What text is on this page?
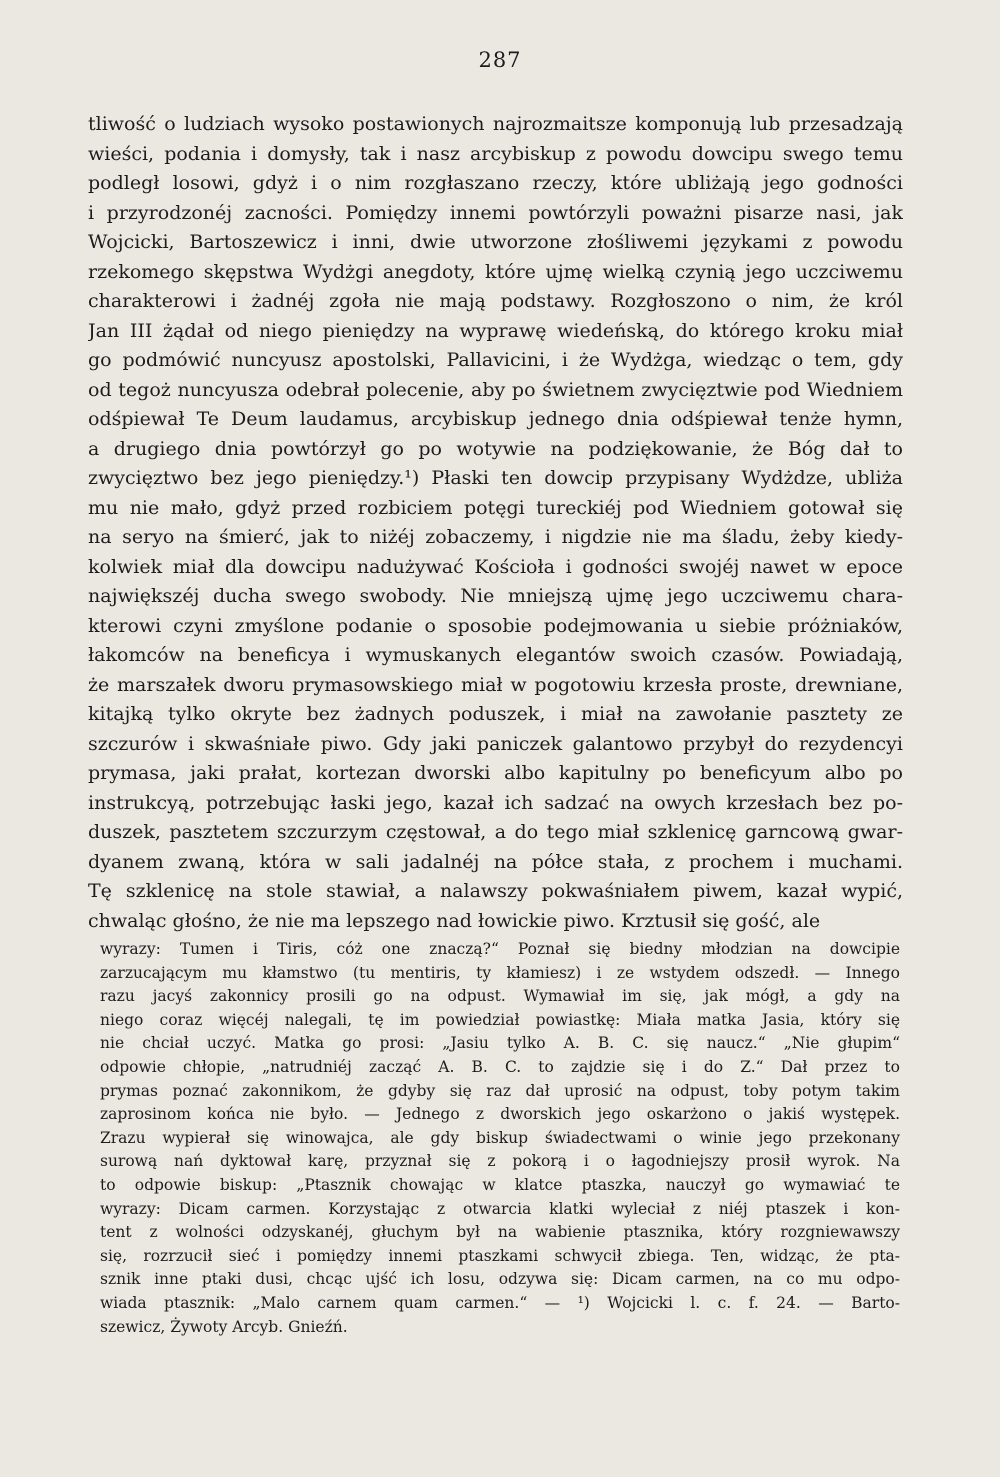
287
tliwość o ludziach wysoko postawionych najrozmaitsze komponują lub przesadzają
wieści, podania i domysły, tak i nasz arcybiskup z powodu dowcipu swego temu
podległ losowi, gdyż i o nim rozgłaszano rzeczy, które ubliżają jego godności
i przyrodzonéj zacności. Pomiędzy innemi powtórzyli poważni pisarze nasi, jak
Wojcicki, Bartoszewicz i inni, dwie utworzone złośliwemi językami z powodu
rzekomego skępstwa Wydżgi anegdoty, które ujmę wielką czynią jego uczciwemu
charakterowi i żadnéj zgoła nie mają podstawy. Rozgłoszono o nim, że król
Jan III żądał od niego pieniędzy na wyprawę wiedeńską, do którego kroku miał
go podmówić nuncyusz apostolski, Pallavicini, i że Wydżga, wiedząc o tem, gdy
od tegoż nuncyusza odebrał polecenie, aby po świetnem zwycięztwie pod Wiedniem
odśpiewał Te Deum laudamus, arcybiskup jednego dnia odśpiewał tenże hymn,
a drugiego dnia powtórzył go po wotywie na podziękowanie, że Bóg dał to
zwycięztwo bez jego pieniędzy.¹) Płaski ten dowcip przypisany Wydżdze, ubliża
mu nie mało, gdyż przed rozbiciem potęgi tureckiéj pod Wiedniem gotował się
na seryo na śmierć, jak to niżéj zobaczemy, i nigdzie nie ma śladu, żeby kiedy-
kolwiek miał dla dowcipu nadużywać Kościoła i godności swojéj nawet w epoce
największéj ducha swego swobody. Nie mniejszą ujmę jego uczciwemu chara-
kterowi czyni zmyślone podanie o sposobie podejmowania u siebie próżniaków,
łakomców na beneficya i wymuskanych elegantów swoich czasów. Powiadają,
że marszałek dworu prymasowskiego miał w pogotowiu krzesła proste, drewniane,
kitajką tylko okryte bez żadnych poduszek, i miał na zawołanie pasztety ze
szczurów i skwaśniałe piwo. Gdy jaki paniczek galantowo przybył do rezydencyi
prymasa, jaki prałat, kortezan dworski albo kapitulny po beneficyum albo po
instrukcyą, potrzebując łaski jego, kazał ich sadzać na owych krzesłach bez po-
duszek, pasztetem szczurzym częstował, a do tego miał szklenicę garncową gwar-
dyanem zwaną, która w sali jadalnéj na półce stała, z prochem i muchami.
Tę szklenicę na stole stawiał, a nalawszy pokwaśniałem piwem, kazał wypić,
chwaląc głośno, że nie ma lepszego nad łowickie piwo. Krztusił się gość, ale
wyrazy: Tumen i Tiris, cóż one znaczą?“ Poznał się biedny młodzian na dowcipie
zarzucającym mu kłamstwo (tu mentiris, ty kłamiesz) i ze wstydem odszedł. — Innego
razu jacyś zakonnicy prosili go na odpust. Wymawiał im się, jak mógł, a gdy na
niego coraz więcéj nalegali, tę im powiedział powiastkę: Miała matka Jasia, który się
nie chciał uczyć. Matka go prosi: „Jasiu tylko A. B. C. się naucz.“ „Nie głupim“
odpowie chłopie, „natrudniéj zacząć A. B. C. to zajdzie się i do Z.“ Dał przez to
prymas poznać zakonnikom, że gdyby się raz dał uprosić na odpust, toby potym takim
zaprosinom końca nie było. — Jednego z dworskich jego oskarżono o jakiś występek.
Zrazu wypierał się winowajca, ale gdy biskup świadectwami o winie jego przekonany
surową nań dyktował karę, przyznał się z pokorą i o łagodniejszy prosił wyrok. Na
to odpowie biskup: „Ptasznik chowając w klatce ptaszka, nauczył go wymawiać te
wyrazy: Dicam carmen. Korzystając z otwarcia klatki wyleciał z niéj ptaszek i kon-
tent z wolności odzyskanéj, głuchym był na wabienie ptasznika, który rozgniewawszy
się, rozrzucił sieć i pomiędzy innemi ptaszkami schwycił zbiega. Ten, widząc, że pta-
sznik inne ptaki dusi, chcąc ujść ich losu, odzywa się: Dicam carmen, na co mu odpo-
wiada ptasznik: „Malo carnem quam carmen.“ — ¹) Wojcicki l. c. f. 24. — Barto-
szewicz, Żywoty Arcyb. Gnieźń.
